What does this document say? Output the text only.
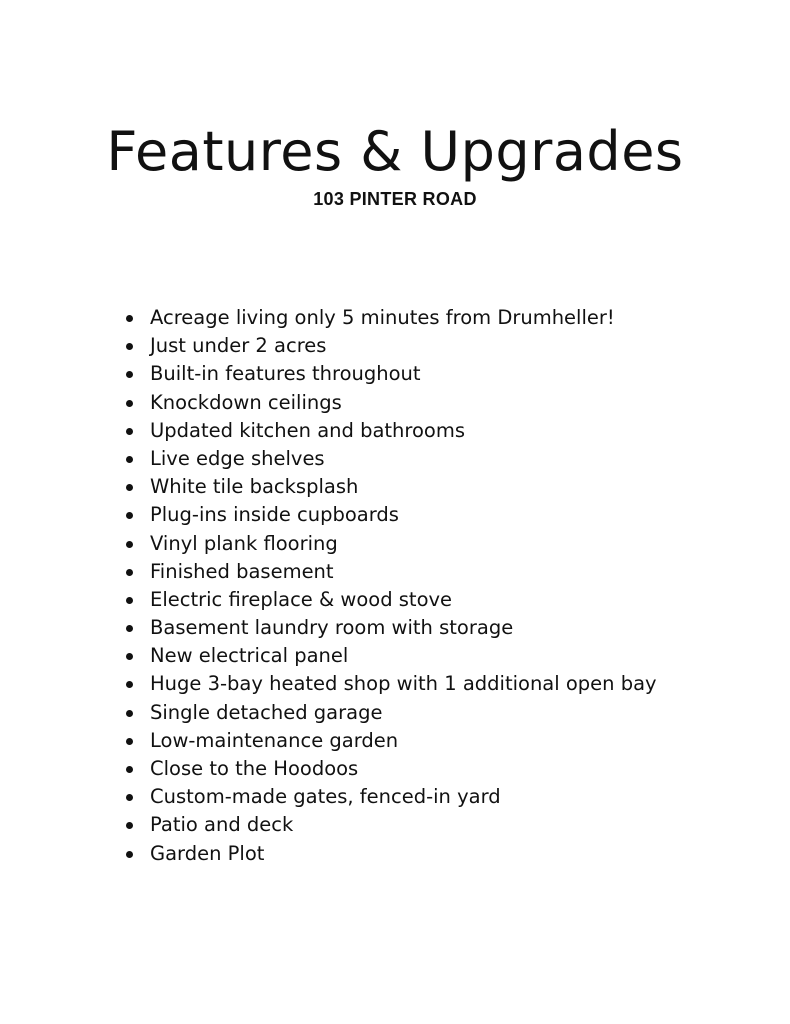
Features & Upgrades
103 PINTER ROAD
Acreage living only 5 minutes from Drumheller!
Just under 2 acres
Built-in features throughout
Knockdown ceilings
Updated kitchen and bathrooms
Live edge shelves
White tile backsplash
Plug-ins inside cupboards
Vinyl plank flooring
Finished basement
Electric fireplace & wood stove
Basement laundry room with storage
New electrical panel
Huge 3-bay heated shop with 1 additional open bay
Single detached garage
Low-maintenance garden
Close to the Hoodoos
Custom-made gates, fenced-in yard
Patio and deck
Garden Plot
